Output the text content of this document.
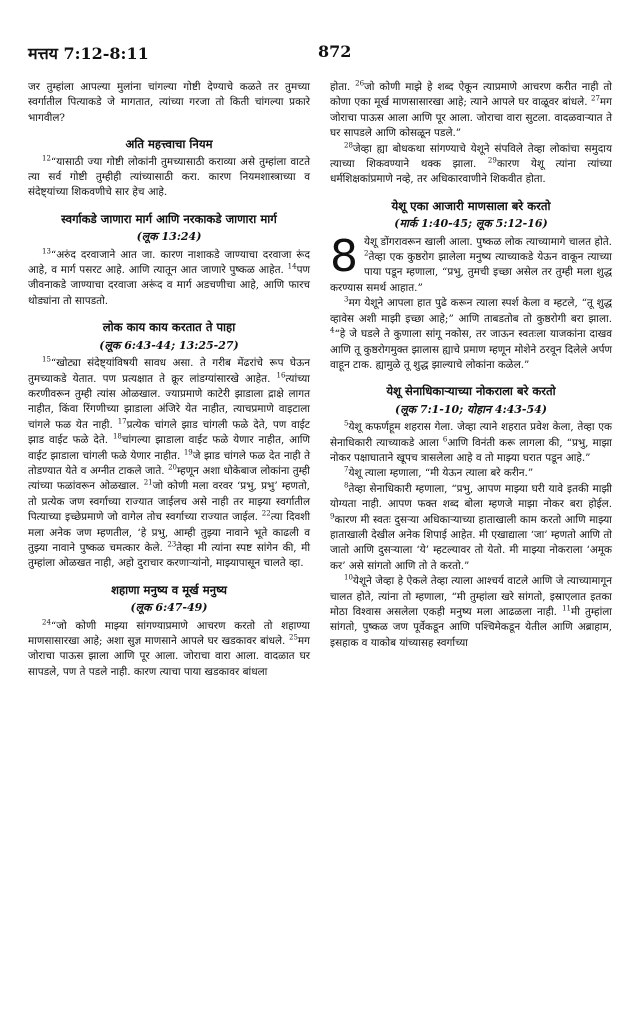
मत्तय 7:12-8:11	872

जर तुम्हांला आपल्या मुलांना चांगल्या गोष्टी देण्याचे कळते तर तुमच्या स्वर्गातील पित्याकडे जे मागतात, त्यांच्या गरजा तो किती चांगल्या प्रकारे भागवील?

अति महत्त्वाचा नियम

$^{12}$“यासाठी ज्या गोष्टी लोकांनी तुमच्यासाठी कराव्या असे तुम्हांला वाटते त्या सर्व गोष्टी तुम्हीही त्यांच्यासाठी करा. कारण नियमशास्त्राच्या व संदेष्ट्यांच्या शिकवणीचे सार हेच आहे.

स्वर्गाकडे जाणारा मार्ग आणि नरकाकडे जाणारा मार्ग
(लूक 13:24)

$^{13}$“अरुंद दरवाजाने आत जा. कारण नाशाकडे जाण्याचा दरवाजा रूंद आहे, व मार्ग पसरट आहे. आणि त्यातून आत जाणारे पुष्कळ आहेत. $^{14}$पण जीवनाकडे जाण्याचा दरवाजा अरूंद व मार्ग अडचणीचा आहे, आणि फारच थोड्यांना तो सापडतो.

लोक काय काय करतात ते पाहा
(लूक 6:43-44; 13:25-27)

$^{15}$“खोट्या संदेष्ट्यांविषयी सावध असा. ते गरीब मेंढरांचे रूप घेऊन तुमच्याकडे येतात. पण प्रत्यक्षात ते क्रूर लांडग्यांसारखे आहेत. $^{16}$त्यांच्या करणीवरून तुम्ही त्यांस ओळखाल. ज्याप्रमाणे काटेरी झाडाला द्राक्षे लागत नाहीत, किंवा रिंगणीच्या झाडाला अंजिरे येत नाहीत, त्याचप्रमाणे वाइटाला चांगले फळ येत नाही. $^{17}$प्रत्येक चांगले झाड चांगली फळे देते, पण वाईट झाड वाईट फळे देते. $^{18}$चांगल्या झाडाला वाईट फळे येणार नाहीत, आणि वाईट झाडाला चांगली फळे येणार नाहीत. $^{19}$जे झाड चांगले फळ देत नाही ते तोडण्यात येते व अग्नीत टाकले जाते. $^{20}$म्हणून अशा धोकेबाज लोकांना तुम्ही त्यांच्या फळांवरून ओळखाल. $^{21}$जो कोणी मला वरवर ‘प्रभु, प्रभु’ म्हणतो, तो प्रत्येक जण स्वर्गाच्या राज्यात जाईलच असे नाही तर माझ्या स्वर्गातील पित्याच्या इच्छेप्रमाणे जो वागेल तोच स्वर्गाच्या राज्यात जाईल. $^{22}$त्या दिवशी मला अनेक जण म्हणतील, ‘हे प्रभु, आम्ही तुझ्या नावाने भूते काढली व तुझ्या नावाने पुष्कळ चमत्कार केले. $^{23}$तेव्हा मी त्यांना स्पष्ट सांगेन की, मी तुम्हांला ओळखत नाही, अहो दुराचार करणाऱ्यांनो, माझ्यापासून चालते व्हा.

शहाणा मनुष्य व मूर्ख मनुष्य
(लूक 6:47-49)

$^{24}$“जो कोणी माझ्या सांगण्याप्रमाणे आचरण करतो तो शहाण्या माणसासारखा आहे; अशा सुज्ञ माणसाने आपले घर खडकावर बांधले. $^{25}$मग जोराचा पाऊस झाला आणि पूर आला. जोराचा वारा आला. वादळात घर सापडले, पण ते पडले नाही. कारण त्याचा पाया खडकावर बांधला

होता. $^{26}$जो कोणी माझे हे शब्द ऐकून त्याप्रमाणे आचरण करीत नाही तो कोणा एका मूर्ख माणसासारखा आहे; त्याने आपले घर वाळूवर बांधले. $^{27}$मग जोराचा पाऊस आला आणि पूर आला. जोराचा वारा सुटला. वादळवाऱ्यात ते घर सापडले आणि कोसळून पडले.”

$^{28}$जेव्हा ह्या बोधकथा सांगण्याचे येशूने संपविले तेव्हा लोकांचा समुदाय त्याच्या शिकवण्याने थक्क झाला. $^{29}$कारण येशू त्यांना त्यांच्या धर्मशिक्षकांप्रमाणे नव्हे, तर अधिकारवाणीने शिकवीत होता.

येशू एका आजारी माणसाला बरे करतो
(मार्क 1:40-45; लूक 5:12-16)

8 येशू डोंगरावरून खाली आला. पुष्कळ लोक त्याच्यामागे चालत होते. $^2$तेव्हा एक कुष्ठरोग झालेला मनुष्य त्याच्याकडे येऊन वाकून त्याच्या पाया पडून म्हणाला, “प्रभु, तुमची इच्छा असेल तर तुम्ही मला शुद्ध करण्यास समर्थ आहात.”

$^3$मग येशूने आपला हात पुढे करून त्याला स्पर्श केला व म्हटले, “तू शुद्ध व्हावेस अशी माझी इच्छा आहे;” आणि ताबडतोब तो कुष्ठरोगी बरा झाला. $^4$“हे जे घडले ते कुणाला सांगू नकोस, तर जाऊन स्वतःला याजकांना दाखव आणि तू कुष्ठरोगमुक्त झालास ह्याचे प्रमाण म्हणून मोशेने ठरवून दिलेले अर्पण वाहून टाक. ह्यामुळे तू शुद्ध झाल्याचे लोकांना कळेल.”

येशू सेनाधिकाऱ्याच्या नोकराला बरे करतो
(लूक 7:1-10; योहान 4:43-54)

$^5$येशू कफर्णहूम शहरास गेला. जेव्हा त्याने शहरात प्रवेश केला, तेव्हा एक सेनाधिकारी त्याच्याकडे आला $^6$आणि विनंती करू लागला की, “प्रभु, माझा नोकर पक्षाघाताने खूपच त्रासलेला आहे व तो माझ्या घरात पडून आहे.”

$^7$येशू त्याला म्हणाला, “मी येऊन त्याला बरे करीन.”

$^8$तेव्हा सेनाधिकारी म्हणाला, “प्रभु, आपण माझ्या घरी यावे इतकी माझी योग्यता नाही. आपण फक्त शब्द बोला म्हणजे माझा नोकर बरा होईल. $^9$कारण मी स्वतः दुसऱ्या अधिकाऱ्याच्या हाताखाली काम करतो आणि माझ्या हाताखाली देखील अनेक शिपाई आहेत. मी एखाद्याला ‘जा’ म्हणतो आणि तो जातो आणि दुसऱ्याला ‘ये’ म्हटल्यावर तो येतो. मी माझ्या नोकराला ‘अमूक कर’ असे सांगतो आणि तो ते करतो.”

$^{10}$येशूने जेव्हा हे ऐकले तेव्हा त्याला आश्चर्य वाटले आणि जे त्याच्यामागून चालत होते, त्यांना तो म्हणाला, “मी तुम्हांला खरे सांगतो, इस्राएलात इतका मोठा विश्वास असलेला एकही मनुष्य मला आढळला नाही. $^{11}$मी तुम्हांला सांगतो, पुष्कळ जण पूर्वेकडून आणि पश्चिमेकडून येतील आणि अब्राहाम, इसहाक व याकोब यांच्यासह स्वर्गाच्या
